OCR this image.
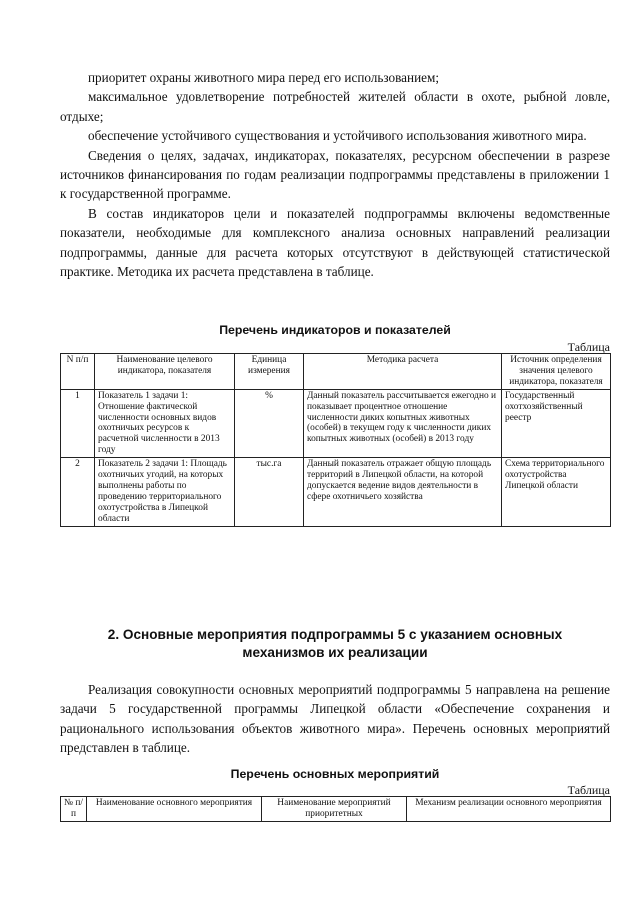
приоритет охраны животного мира перед его использованием;

максимальное удовлетворение потребностей жителей области в охоте, рыбной ловле, отдыхе;

обеспечение устойчивого существования и устойчивого использования животного мира.

Сведения о целях, задачах, индикаторах, показателях, ресурсном обеспечении в разрезе источников финансирования по годам реализации подпрограммы представлены в приложении 1 к государственной программе.

В состав индикаторов цели и показателей подпрограммы включены ведомственные показатели, необходимые для комплексного анализа основных направлений реализации подпрограммы, данные для расчета которых отсутствуют в действующей статистической практике. Методика их расчета представлена в таблице.

Перечень индикаторов и показателей
Таблица
N п/п	Наименование целевого индикатора, показателя	Единица измерения	Методика расчета	Источник определения значения целевого индикатора, показателя
1	Показатель 1 задачи 1: Отношение фактической численности основных видов охотничьих ресурсов к расчетной численности в 2013 году	%	Данный показатель рассчитывается ежегодно и показывает процентное отношение численности диких копытных животных (особей) в текущем году к численности диких копытных животных (особей) в 2013 году	Государственный охотхозяйственный реестр
2	Показатель 2 задачи 1: Площадь охотничьих угодий, на которых выполнены работы по проведению территориального охотустройства в Липецкой области	тыс.га	Данный показатель отражает общую площадь территорий в Липецкой области, на которой допускается ведение видов деятельности в сфере охотничьего хозяйства	Схема территориального охотустройства Липецкой области
2. Основные мероприятия подпрограммы 5 с указанием основных
механизмов их реализации

Реализация совокупности основных мероприятий подпрограммы 5 направлена на решение задачи 5 государственной программы Липецкой области «Обеспечение сохранения и рационального использования объектов животного мира». Перечень основных мероприятий представлен в таблице.

Перечень основных мероприятий
Таблица
№ п/п	Наименование основного мероприятия	Наименование мероприятий приоритетных	Механизм реализации основного мероприятия
